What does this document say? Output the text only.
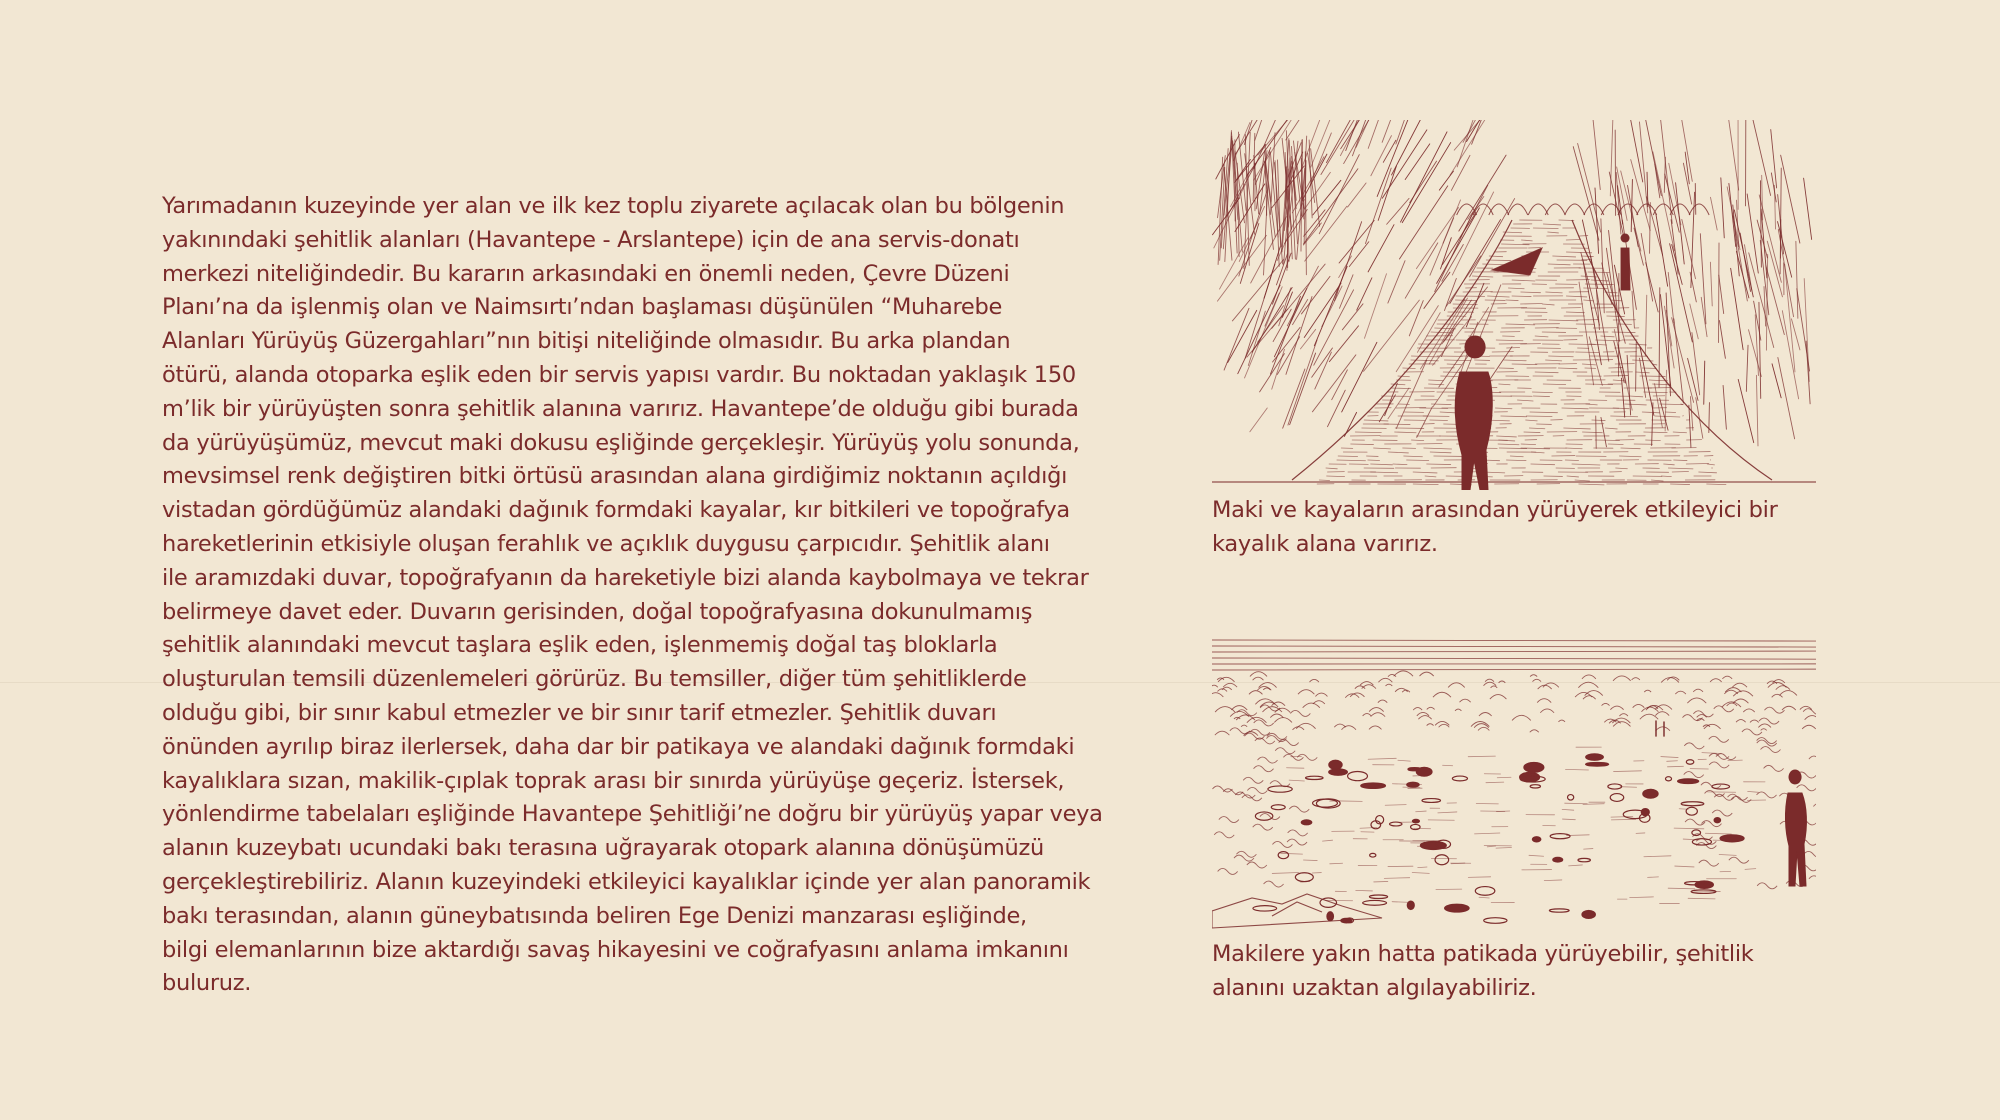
Yarımadanın kuzeyinde yer alan ve ilk kez toplu ziyarete açılacak olan bu bölgenin
yakınındaki şehitlik alanları (Havantepe - Arslantepe) için de ana servis-donatı
merkezi niteliğindedir. Bu kararın arkasındaki en önemli neden, Çevre Düzeni
Planı’na da işlenmiş olan ve Naimsırtı’ndan başlaması düşünülen “Muharebe
Alanları Yürüyüş Güzergahları”nın bitişi niteliğinde olmasıdır. Bu arka plandan
ötürü, alanda otoparka eşlik eden bir servis yapısı vardır. Bu noktadan yaklaşık 150
m’lik bir yürüyüşten sonra şehitlik alanına varırız. Havantepe’de olduğu gibi burada
da yürüyüşümüz, mevcut maki dokusu eşliğinde gerçekleşir. Yürüyüş yolu sonunda,
mevsimsel renk değiştiren bitki örtüsü arasından alana girdiğimiz noktanın açıldığı
vistadan gördüğümüz alandaki dağınık formdaki kayalar, kır bitkileri ve topoğrafya
hareketlerinin etkisiyle oluşan ferahlık ve açıklık duygusu çarpıcıdır. Şehitlik alanı
ile aramızdaki duvar, topoğrafyanın da hareketiyle bizi alanda kaybolmaya ve tekrar
belirmeye davet eder. Duvarın gerisinden, doğal topoğrafyasına dokunulmamış
şehitlik alanındaki mevcut taşlara eşlik eden, işlenmemiş doğal taş bloklarla
oluşturulan temsili düzenlemeleri görürüz. Bu temsiller, diğer tüm şehitliklerde
olduğu gibi, bir sınır kabul etmezler ve bir sınır tarif etmezler. Şehitlik duvarı
önünden ayrılıp biraz ilerlersek, daha dar bir patikaya ve alandaki dağınık formdaki
kayalıklara sızan, makilik-çıplak toprak arası bir sınırda yürüyüşe geçeriz. İstersek,
yönlendirme tabelaları eşliğinde Havantepe Şehitliği’ne doğru bir yürüyüş yapar veya
alanın kuzeybatı ucundaki bakı terasına uğrayarak otopark alanına dönüşümüzü
gerçekleştirebiliriz. Alanın kuzeyindeki etkileyici kayalıklar içinde yer alan panoramik
bakı terasından, alanın güneybatısında beliren Ege Denizi manzarası eşliğinde,
bilgi elemanlarının bize aktardığı savaş hikayesini ve coğrafyasını anlama imkanını
buluruz.
Maki ve kayaların arasından yürüyerek etkileyici bir
kayalık alana varırız.
Makilere yakın hatta patikada yürüyebilir, şehitlik
alanını uzaktan algılayabiliriz.
